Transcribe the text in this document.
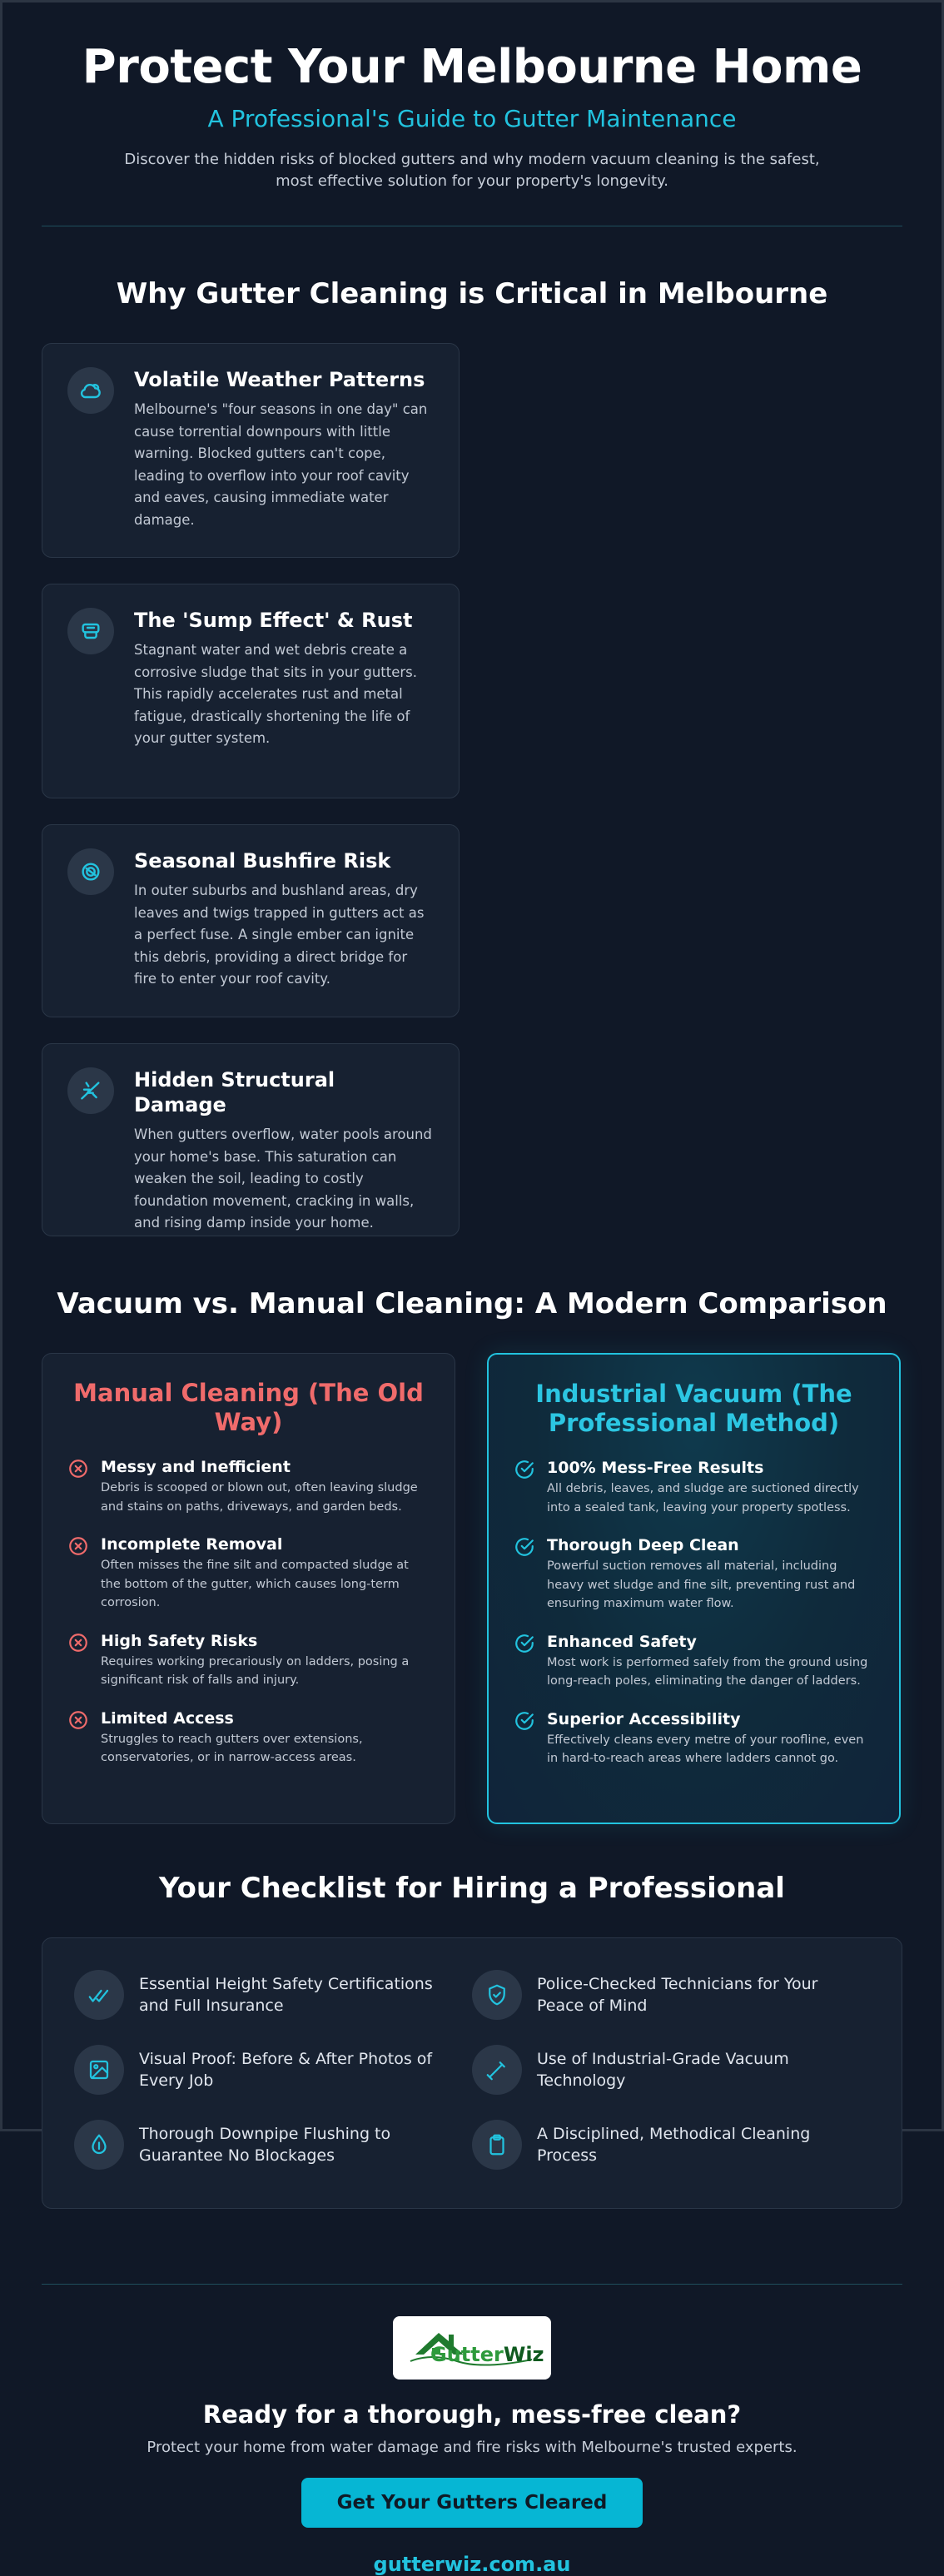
Protect Your Melbourne Home
A Professional's Guide to Gutter Maintenance

Discover the hidden risks of blocked gutters and why modern vacuum cleaning is the safest, most effective solution for your property's longevity.

Why Gutter Cleaning is Critical in Melbourne
Volatile Weather Patterns

Melbourne's "four seasons in one day" can cause torrential downpours with little warning. Blocked gutters can't cope, leading to overflow into your roof cavity and eaves, causing immediate water damage.

The 'Sump Effect' & Rust

Stagnant water and wet debris create a corrosive sludge that sits in your gutters. This rapidly accelerates rust and metal fatigue, drastically shortening the life of your gutter system.

Seasonal Bushfire Risk

In outer suburbs and bushland areas, dry leaves and twigs trapped in gutters act as a perfect fuse. A single ember can ignite this debris, providing a direct bridge for fire to enter your roof cavity.

Hidden Structural Damage

When gutters overflow, water pools around your home's base. This saturation can weaken the soil, leading to costly foundation movement, cracking in walls, and rising damp inside your home.

Vacuum vs. Manual Cleaning: A Modern Comparison
Manual Cleaning (The Old Way)
Messy and Inefficient

Debris is scooped or blown out, often leaving sludge and stains on paths, driveways, and garden beds.

Incomplete Removal

Often misses the fine silt and compacted sludge at the bottom of the gutter, which causes long-term corrosion.

High Safety Risks

Requires working precariously on ladders, posing a significant risk of falls and injury.

Limited Access

Struggles to reach gutters over extensions, conservatories, or in narrow-access areas.

Industrial Vacuum (The Professional Method)
100% Mess-Free Results

All debris, leaves, and sludge are suctioned directly into a sealed tank, leaving your property spotless.

Thorough Deep Clean

Powerful suction removes all material, including heavy wet sludge and fine silt, preventing rust and ensuring maximum water flow.

Enhanced Safety

Most work is performed safely from the ground using long-reach poles, eliminating the danger of ladders.

Superior Accessibility

Effectively cleans every metre of your roofline, even in hard-to-reach areas where ladders cannot go.

Your Checklist for Hiring a Professional
Essential Height Safety Certifications and Full Insurance
Police-Checked Technicians for Your Peace of Mind
Visual Proof: Before & After Photos of Every Job
Use of Industrial-Grade Vacuum Technology
Thorough Downpipe Flushing to Guarantee No Blockages
A Disciplined, Methodical Cleaning Process
GutterWiz
Ready for a thorough, mess-free clean?

Protect your home from water damage and fire risks with Melbourne's trusted experts.

Get Your Gutters Cleared
gutterwiz.com.au
